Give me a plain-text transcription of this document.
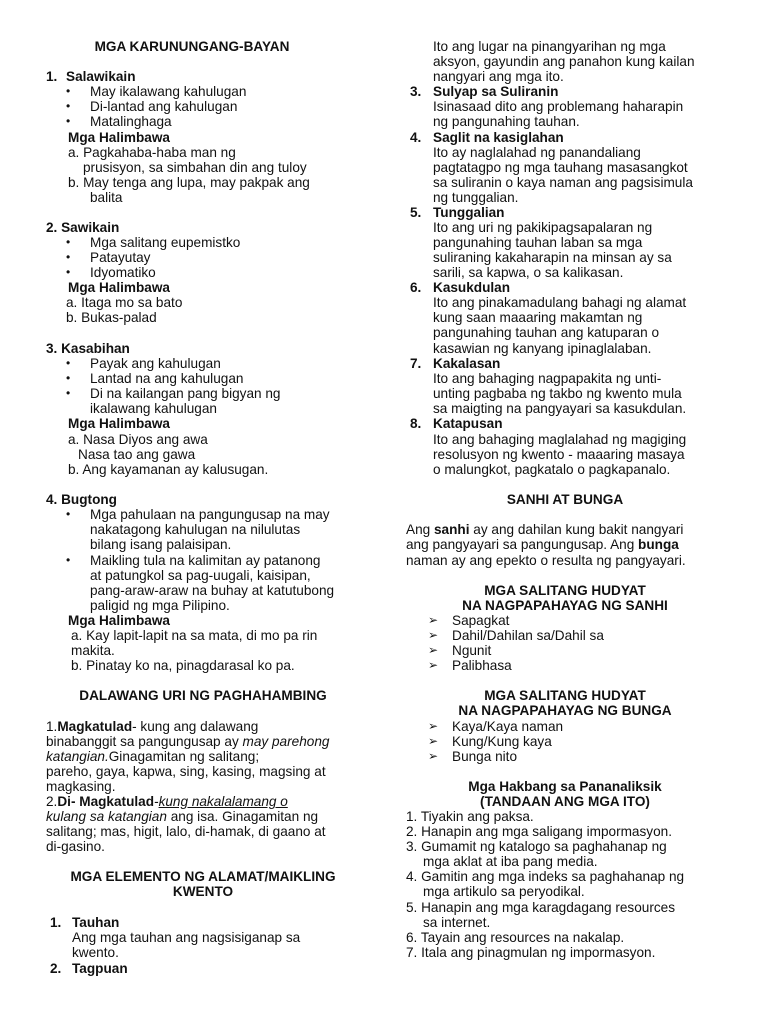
MGA KARUNUNGANG-BAYAN
1. Salawikain
• May ikalawang kahulugan
• Di-lantad ang kahulugan
• Matalinghaga
Mga Halimbawa
a. Pagkahaba-haba man ng
prusisyon, sa simbahan din ang tuloy
b. May tenga ang lupa, may pakpak ang
balita
2. Sawikain
• Mga salitang eupemistko
• Patayutay
• Idyomatiko
Mga Halimbawa
a. Itaga mo sa bato
b. Bukas-palad
3. Kasabihan
• Payak ang kahulugan
• Lantad na ang kahulugan
• Di na kailangan pang bigyan ng
ikalawang kahulugan
Mga Halimbawa
a. Nasa Diyos ang awa
Nasa tao ang gawa
b. Ang kayamanan ay kalusugan.
4. Bugtong
• Mga pahulaan na pangungusap na may
nakatagong kahulugan na nilulutas
bilang isang palaisipan.
• Maikling tula na kalimitan ay patanong
at patungkol sa pag-uugali, kaisipan,
pang-araw-araw na buhay at katutubong
paligid ng mga Pilipino.
Mga Halimbawa
a. Kay lapit-lapit na sa mata, di mo pa rin
makita.
b. Pinatay ko na, pinagdarasal ko pa.
DALAWANG URI NG PAGHAHAMBING
1.Magkatulad- kung ang dalawang
binabanggit sa pangungusap ay may parehong
katangian.Ginagamitan ng salitang;
pareho, gaya, kapwa, sing, kasing, magsing at
magkasing.
2.Di- Magkatulad-kung nakalalamang o
kulang sa katangian ang isa. Ginagamitan ng
salitang; mas, higit, lalo, di-hamak, di gaano at
di-gasino.
MGA ELEMENTO NG ALAMAT/MAIKLING
KWENTO
1. Tauhan
Ang mga tauhan ang nagsisiganap sa
kwento.
2. Tagpuan
Ito ang lugar na pinangyarihan ng mga
aksyon, gayundin ang panahon kung kailan
nangyari ang mga ito.
3. Sulyap sa Suliranin
Isinasaad dito ang problemang haharapin
ng pangunahing tauhan.
4. Saglit na kasiglahan
Ito ay naglalahad ng panandaliang
pagtatagpo ng mga tauhang masasangkot
sa suliranin o kaya naman ang pagsisimula
ng tunggalian.
5. Tunggalian
Ito ang uri ng pakikipagsapalaran ng
pangunahing tauhan laban sa mga
suliraning kakaharapin na minsan ay sa
sarili, sa kapwa, o sa kalikasan.
6. Kasukdulan
Ito ang pinakamadulang bahagi ng alamat
kung saan maaaring makamtan ng
pangunahing tauhan ang katuparan o
kasawian ng kanyang ipinaglalaban.
7. Kakalasan
Ito ang bahaging nagpapakita ng unti-
unting pagbaba ng takbo ng kwento mula
sa maigting na pangyayari sa kasukdulan.
8. Katapusan
Ito ang bahaging maglalahad ng magiging
resolusyon ng kwento - maaaring masaya
o malungkot, pagkatalo o pagkapanalo.
SANHI AT BUNGA
Ang sanhi ay ang dahilan kung bakit nangyari
ang pangyayari sa pangungusap. Ang bunga
naman ay ang epekto o resulta ng pangyayari.
MGA SALITANG HUDYAT
NA NAGPAPAHAYAG NG SANHI
➢ Sapagkat
➢ Dahil/Dahilan sa/Dahil sa
➢ Ngunit
➢ Palibhasa
MGA SALITANG HUDYAT
NA NAGPAPAHAYAG NG BUNGA
➢ Kaya/Kaya naman
➢ Kung/Kung kaya
➢ Bunga nito
Mga Hakbang sa Pananaliksik
(TANDAAN ANG MGA ITO)
1. Tiyakin ang paksa.
2. Hanapin ang mga saligang impormasyon.
3. Gumamit ng katalogo sa paghahanap ng
mga aklat at iba pang media.
4. Gamitin ang mga indeks sa paghahanap ng
mga artikulo sa peryodikal.
5. Hanapin ang mga karagdagang resources
sa internet.
6. Tayain ang resources na nakalap.
7. Itala ang pinagmulan ng impormasyon.
